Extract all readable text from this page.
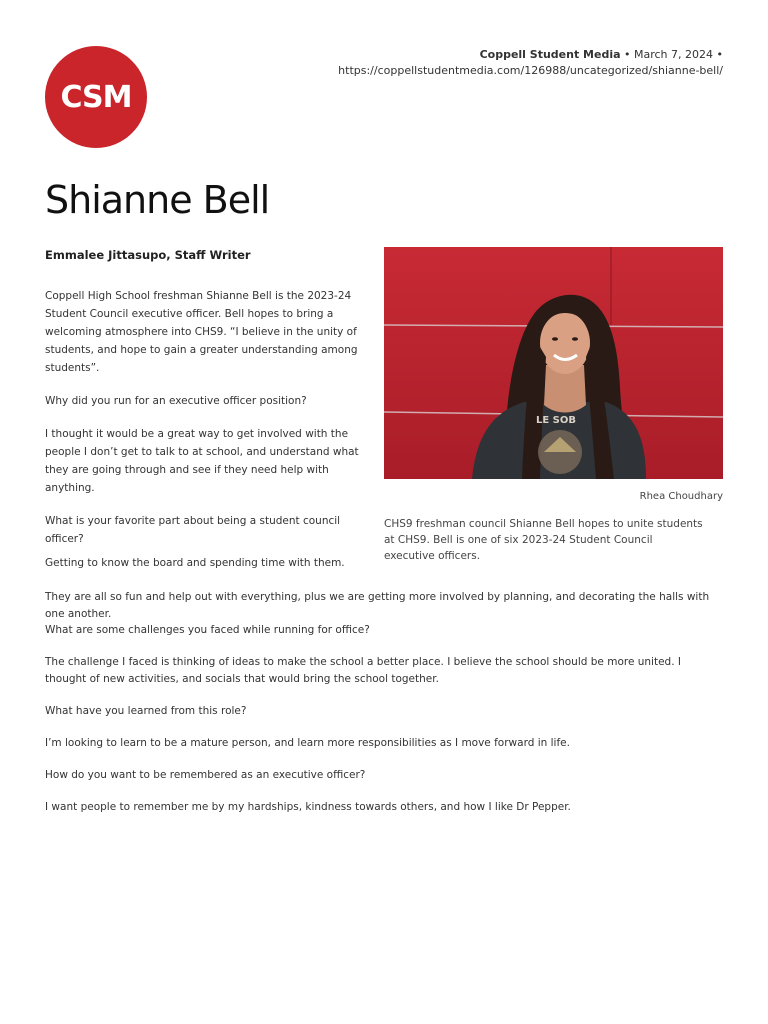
CSM
Coppell Student Media • March 7, 2024 •
https://coppellstudentmedia.com/126988/uncategorized/shianne-bell/
Shianne Bell
Emmalee Jittasupo, Staff Writer

Coppell High School freshman Shianne Bell is the 2023-24 Student Council executive officer. Bell hopes to bring a welcoming atmosphere into CHS9. “I believe in the unity of students, and hope to gain a greater understanding among students”.

Why did you run for an executive officer position?

I thought it would be a great way to get involved with the people I don’t get to talk to at school, and understand what they are going through and see if they need help with anything.

What is your favorite part about being a student council officer?

LE SOB
Rhea Choudhary
CHS9 freshman council Shianne Bell hopes to unite students at CHS9. Bell is one of six 2023-24 Student Council executive officers.
Getting to know the board and spending time with them.
They are all so fun and help out with everything, plus we are getting more involved by planning, and decorating the halls with one another.

What are some challenges you faced while running for office?

The challenge I faced is thinking of ideas to make the school a better place. I believe the school should be more united. I thought of new activities, and socials that would bring the school together.

What have you learned from this role?

I’m looking to learn to be a mature person, and learn more responsibilities as I move forward in life.

How do you want to be remembered as an executive officer?

I want people to remember me by my hardships, kindness towards others, and how I like Dr Pepper.
